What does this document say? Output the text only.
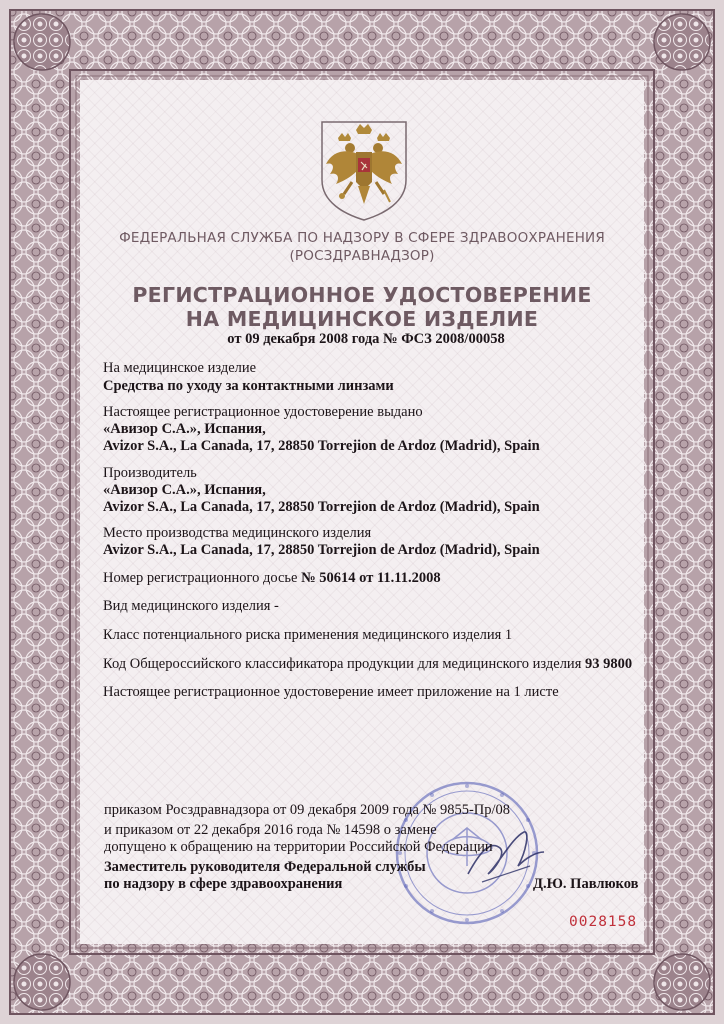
ФЕДЕРАЛЬНАЯ СЛУЖБА ПО НАДЗОРУ В СФЕРЕ ЗДРАВООХРАНЕНИЯ
(РОСЗДРАВНАДЗОР)
РЕГИСТРАЦИОННОЕ УДОСТОВЕРЕНИЕ
НА МЕДИЦИНСКОЕ ИЗДЕЛИЕ
от 09 декабря 2008 года № ФСЗ 2008/00058
На медицинское изделие
Средства по уходу за контактными линзами
Настоящее регистрационное удостоверение выдано
«Авизор С.А.», Испания,
Avizor S.A., La Canada, 17, 28850 Torrejion de Ardoz (Madrid), Spain
Производитель
«Авизор С.А.», Испания,
Avizor S.A., La Canada, 17, 28850 Torrejion de Ardoz (Madrid), Spain
Место производства медицинского изделия
Avizor S.A., La Canada, 17, 28850 Torrejion de Ardoz (Madrid), Spain
Номер регистрационного досье № 50614 от 11.11.2008
Вид медицинского изделия -
Класс потенциального риска применения медицинского изделия 1
Код Общероссийского классификатора продукции для медицинского изделия 93 9800
Настоящее регистрационное удостоверение имеет приложение на 1 листе
приказом Росздравнадзора от 09 декабря 2009 года № 9855-Пр/08
и приказом от 22 декабря 2016 года № 14598 о замене
допущено к обращению на территории Российской Федерации
Заместитель руководителя Федеральной службы
по надзору в сфере здравоохранения	Д.Ю. Павлюков
0028158
